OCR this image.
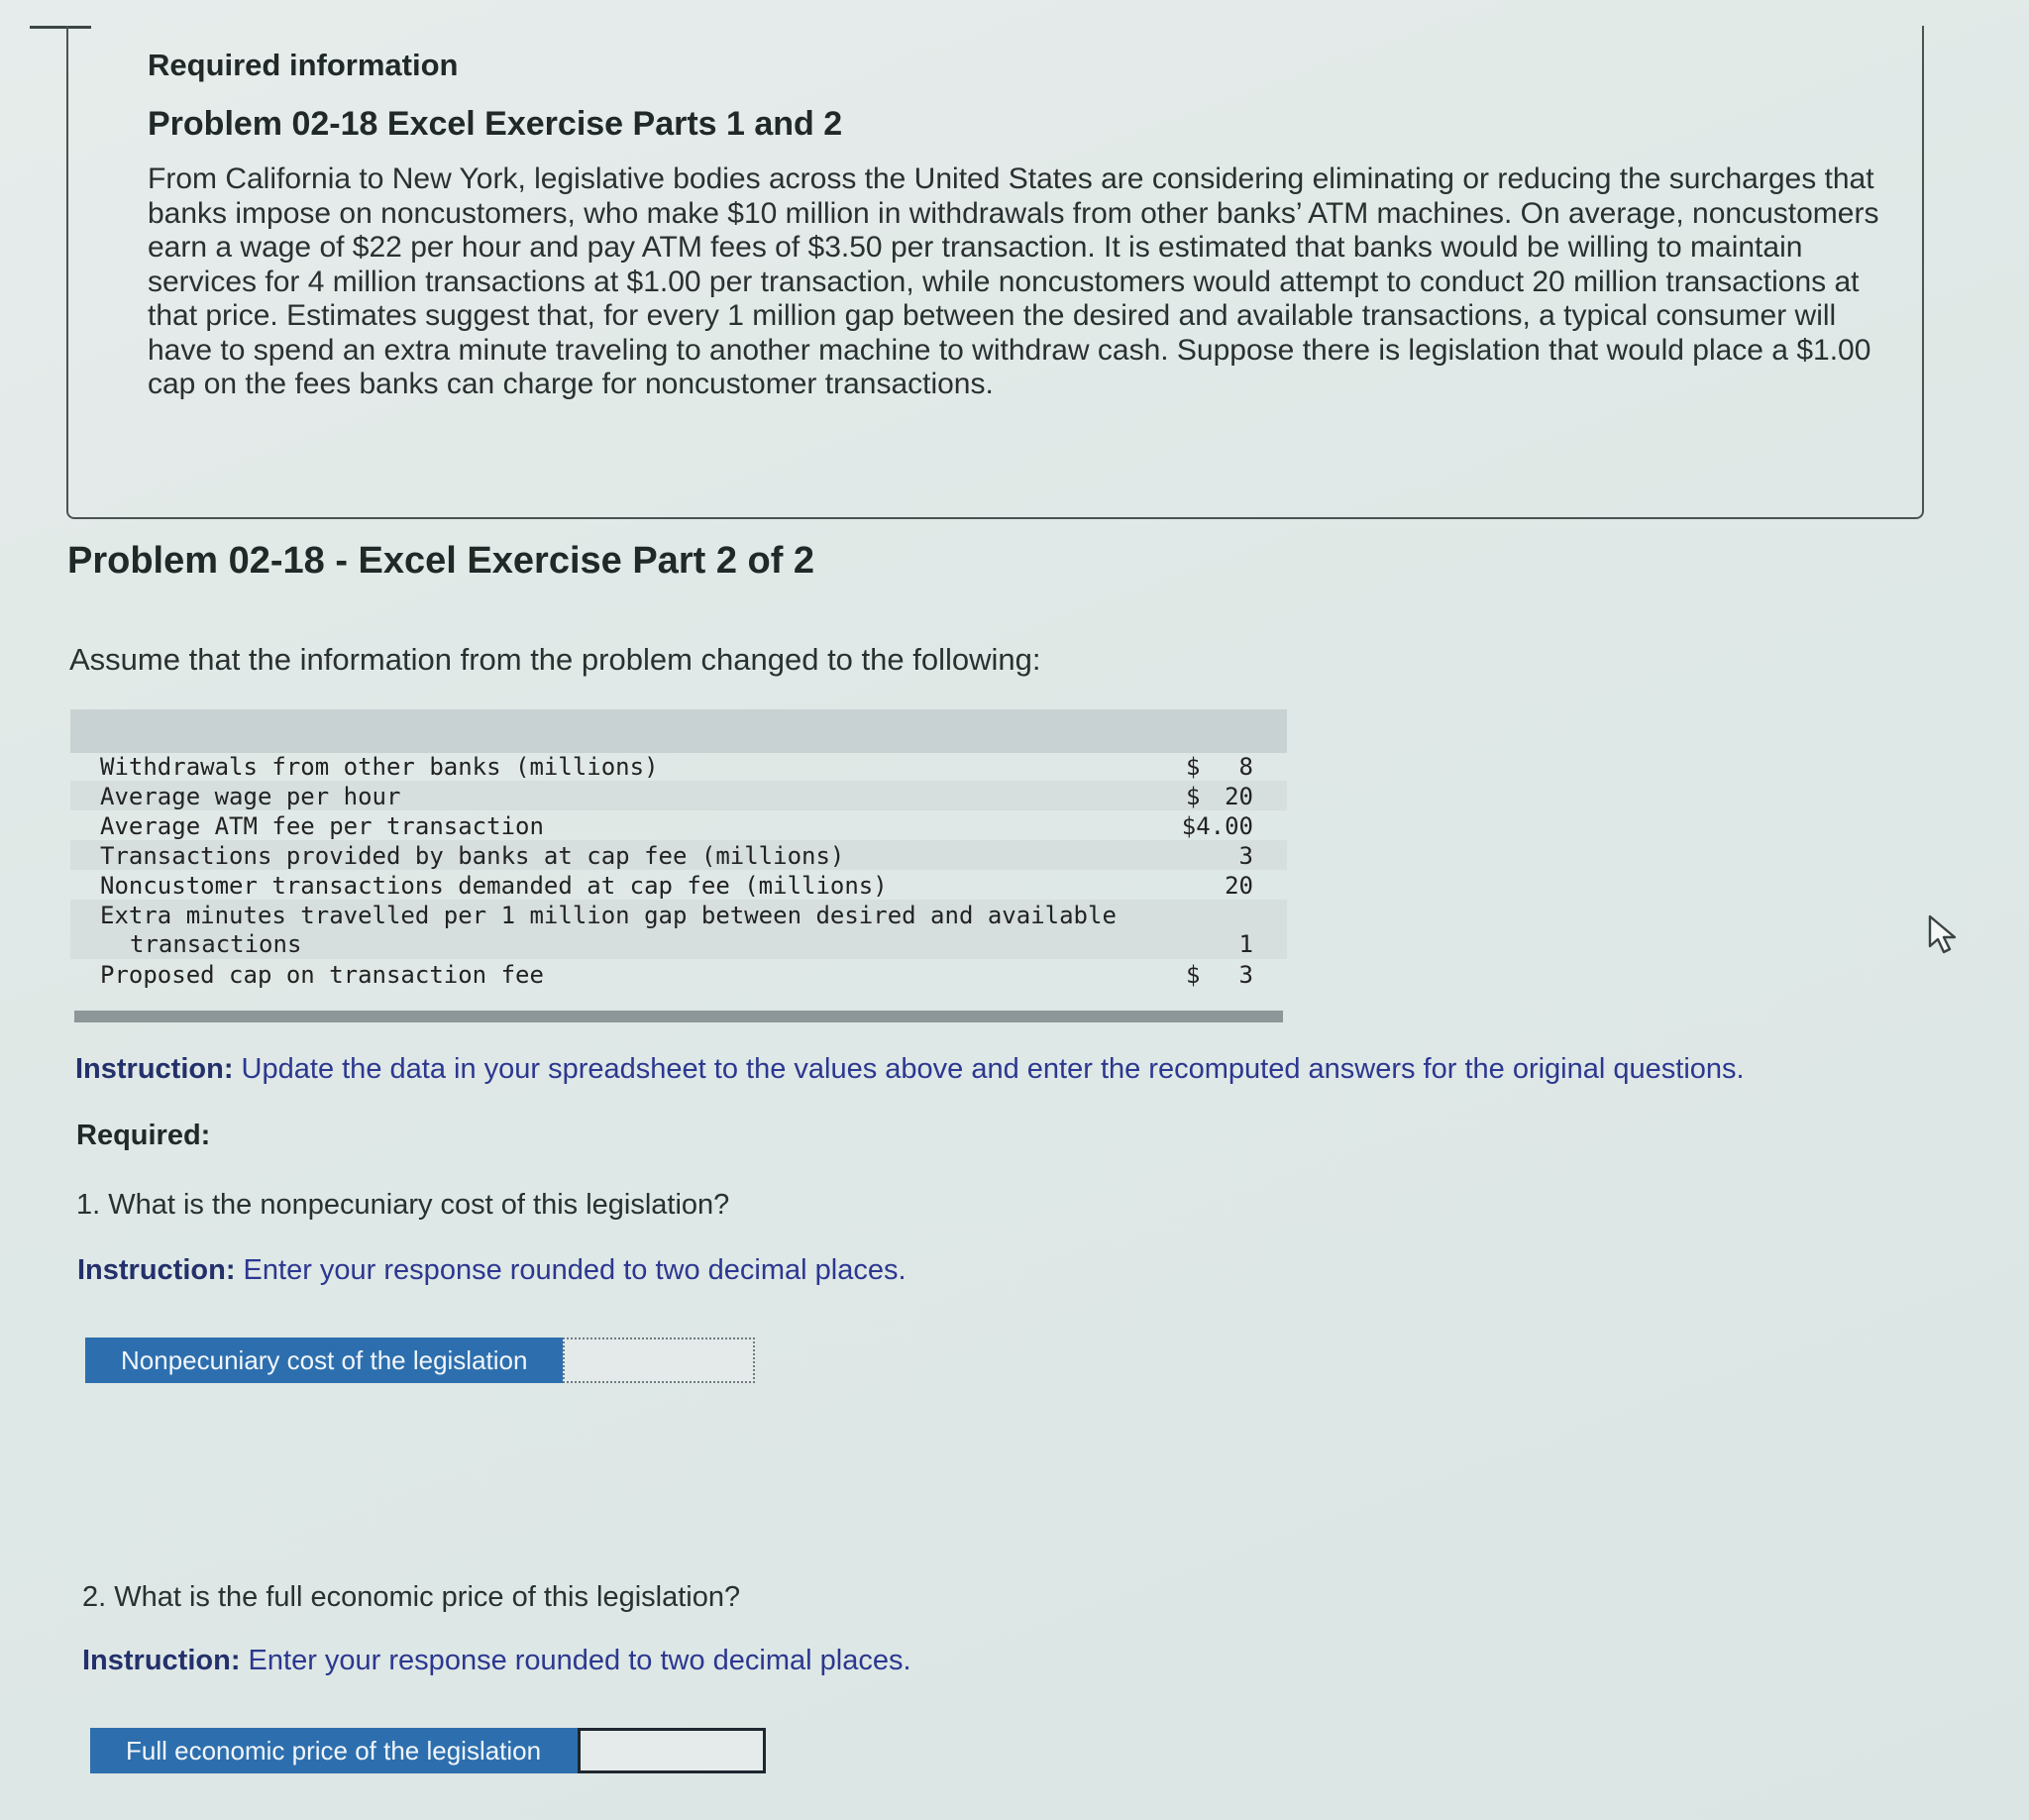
Required information
Problem 02-18 Excel Exercise Parts 1 and 2
From California to New York, legislative bodies across the United States are considering eliminating or reducing the surcharges that banks impose on noncustomers, who make $10 million in withdrawals from other banks’ ATM machines. On average, noncustomers earn a wage of $22 per hour and pay ATM fees of $3.50 per transaction. It is estimated that banks would be willing to maintain services for 4 million transactions at $1.00 per transaction, while noncustomers would attempt to conduct 20 million transactions at that price. Estimates suggest that, for every 1 million gap between the desired and available transactions, a typical consumer will have to spend an extra minute traveling to another machine to withdraw cash. Suppose there is legislation that would place a $1.00 cap on the fees banks can charge for noncustomer transactions.
Problem 02-18 - Excel Exercise Part 2 of 2
Assume that the information from the problem changed to the following:
Withdrawals from other banks (millions)	$ 8
Average wage per hour	$ 20
Average ATM fee per transaction	$4.00
Transactions provided by banks at cap fee (millions)	3
Noncustomer transactions demanded at cap fee (millions)	20
Extra minutes travelled per 1 million gap between desired and available
transactions	1
Proposed cap on transaction fee	$ 3
Instruction: Update the data in your spreadsheet to the values above and enter the recomputed answers for the original questions.
Required:
1. What is the nonpecuniary cost of this legislation?
Instruction: Enter your response rounded to two decimal places.
Nonpecuniary cost of the legislation
2. What is the full economic price of this legislation?
Instruction: Enter your response rounded to two decimal places.
Full economic price of the legislation
